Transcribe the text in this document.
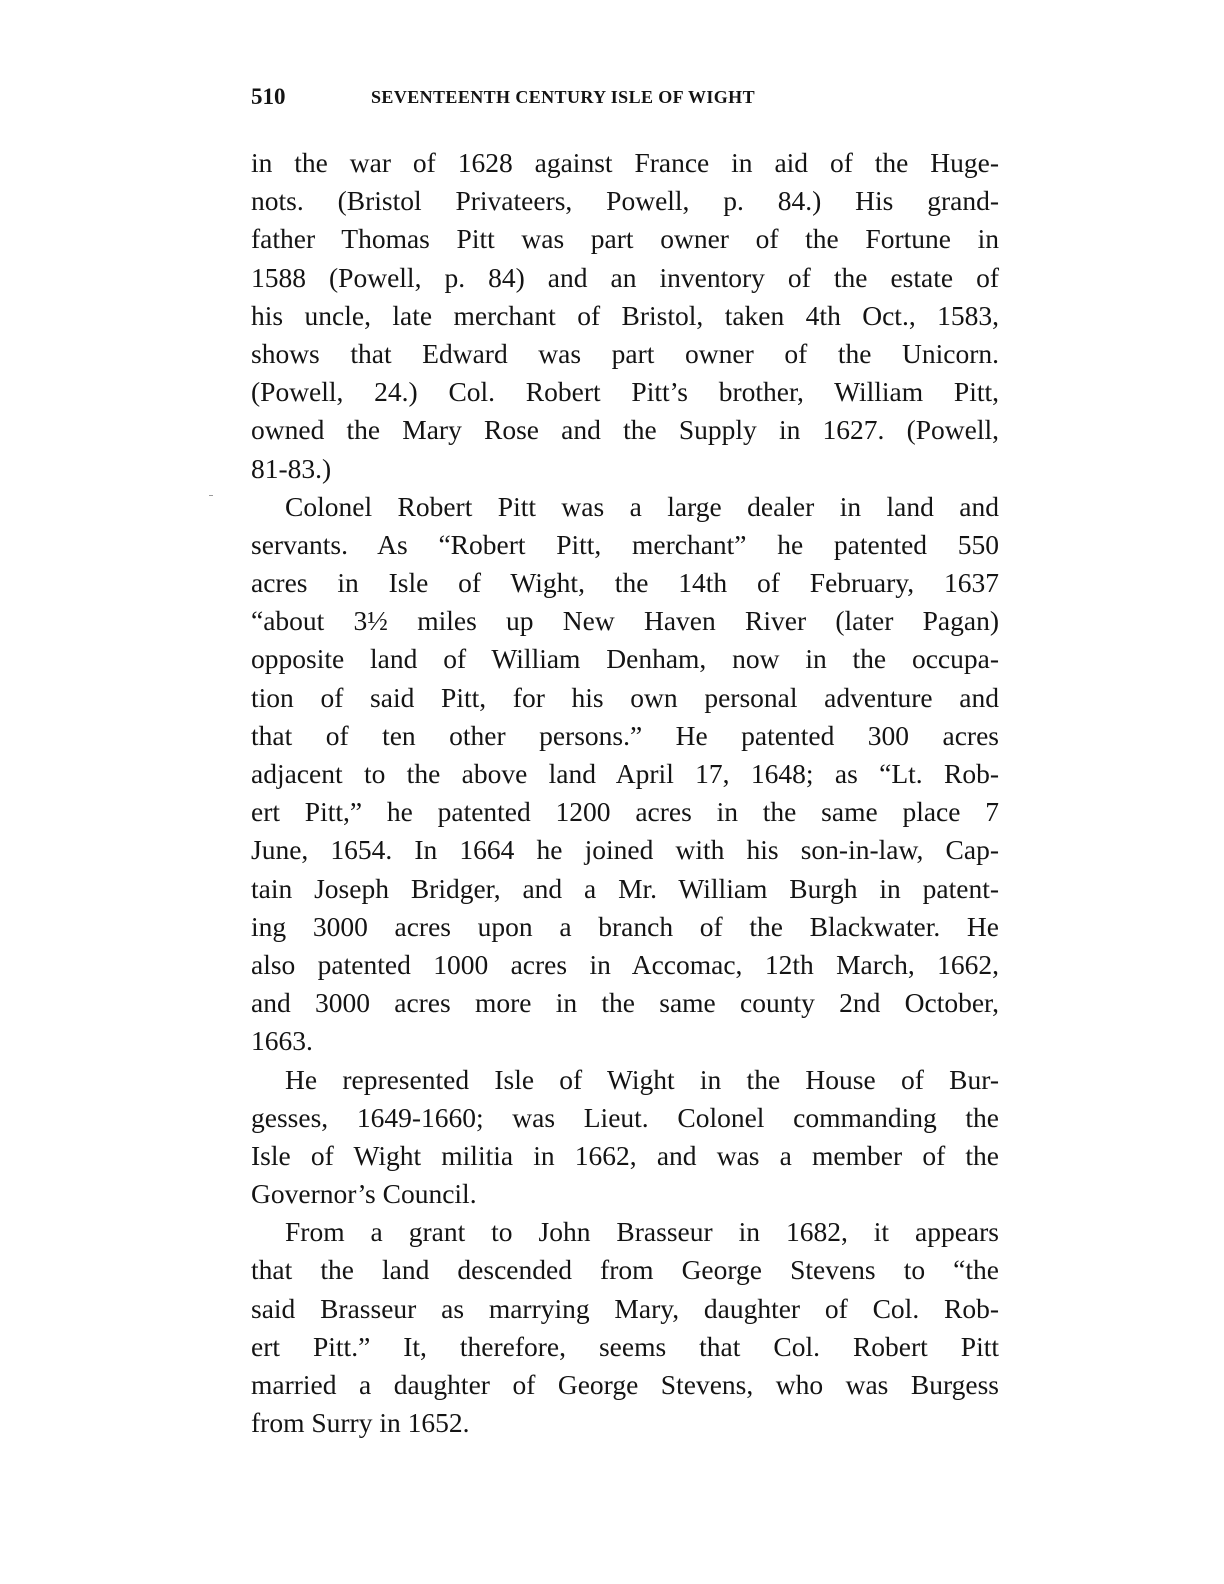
510	SEVENTEENTH CENTURY ISLE OF WIGHT
in the war of 1628 against France in aid of the Huge-
nots. (Bristol Privateers, Powell, p. 84.) His grand-
father Thomas Pitt was part owner of the Fortune in
1588 (Powell, p. 84) and an inventory of the estate of
his uncle, late merchant of Bristol, taken 4th Oct., 1583,
shows that Edward was part owner of the Unicorn.
(Powell, 24.) Col. Robert Pitt’s brother, William Pitt,
owned the Mary Rose and the Supply in 1627. (Powell,
81-83.)
Colonel Robert Pitt was a large dealer in land and
servants. As “Robert Pitt, merchant” he patented 550
acres in Isle of Wight, the 14th of February, 1637
“about 3½ miles up New Haven River (later Pagan)
opposite land of William Denham, now in the occupa-
tion of said Pitt, for his own personal adventure and
that of ten other persons.” He patented 300 acres
adjacent to the above land April 17, 1648; as “Lt. Rob-
ert Pitt,” he patented 1200 acres in the same place 7
June, 1654. In 1664 he joined with his son-in-law, Cap-
tain Joseph Bridger, and a Mr. William Burgh in patent-
ing 3000 acres upon a branch of the Blackwater. He
also patented 1000 acres in Accomac, 12th March, 1662,
and 3000 acres more in the same county 2nd October,
1663.
He represented Isle of Wight in the House of Bur-
gesses, 1649-1660; was Lieut. Colonel commanding the
Isle of Wight militia in 1662, and was a member of the
Governor’s Council.
From a grant to John Brasseur in 1682, it appears
that the land descended from George Stevens to “the
said Brasseur as marrying Mary, daughter of Col. Rob-
ert Pitt.” It, therefore, seems that Col. Robert Pitt
married a daughter of George Stevens, who was Burgess
from Surry in 1652.
